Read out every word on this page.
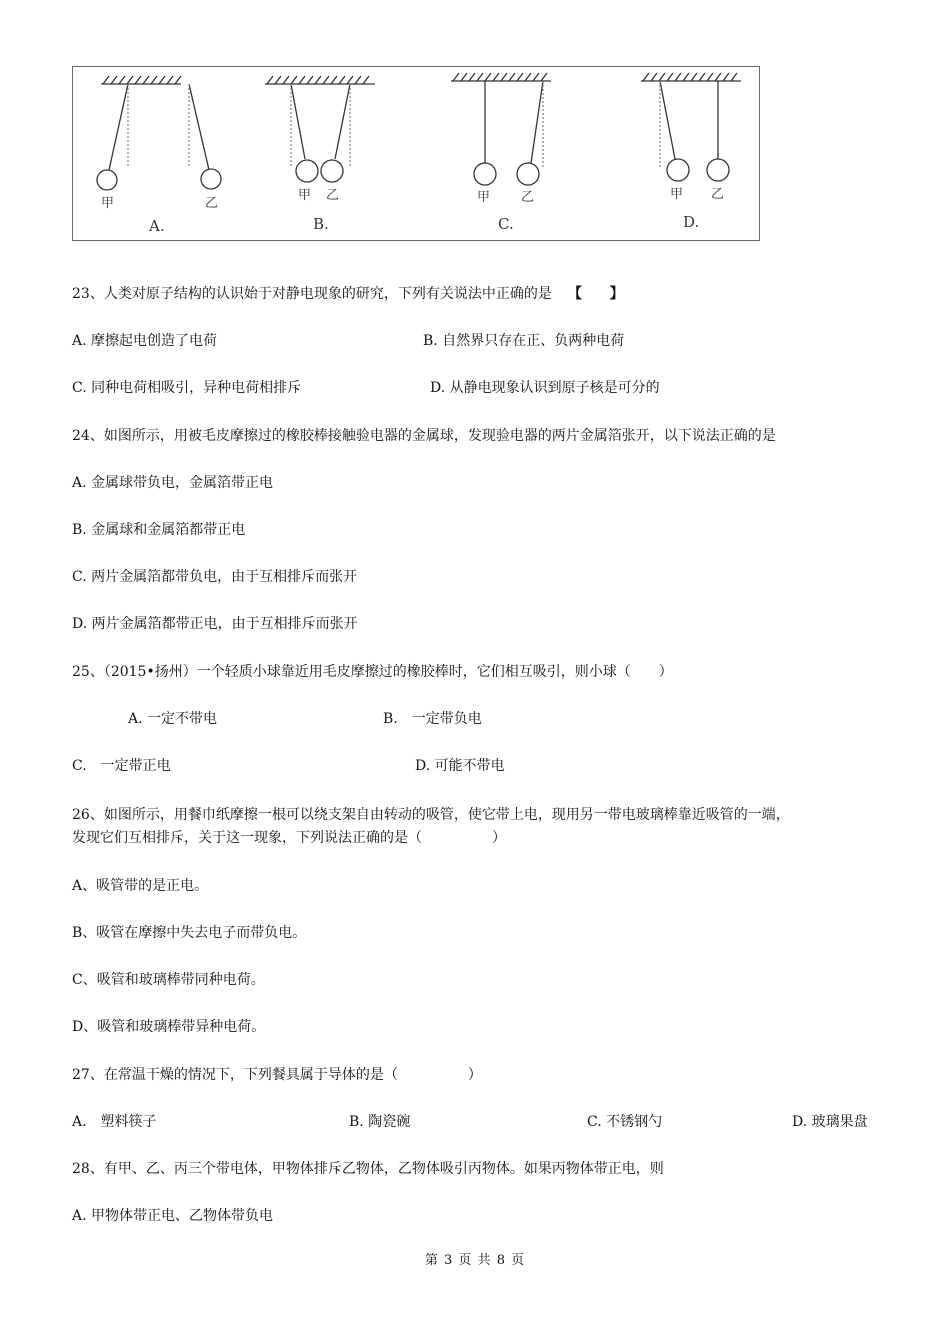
甲	乙
A.
甲 乙
B.
甲 乙
C.
甲 乙
D.
23、人类对原子结构的认识始于对静电现象的研究，下列有关说法中正确的是 【　　】
A. 摩擦起电创造了电荷	B. 自然界只存在正、负两种电荷
C. 同种电荷相吸引，异种电荷相排斥	D. 从静电现象认识到原子核是可分的
24、如图所示，用被毛皮摩擦过的橡胶棒接触验电器的金属球，发现验电器的两片金属箔张开，以下说法正确的是
A. 金属球带负电，金属箔带正电
B. 金属球和金属箔都带正电
C. 两片金属箔都带负电，由于互相排斥而张开
D. 两片金属箔都带正电，由于互相排斥而张开
25、（2015•扬州）一个轻质小球靠近用毛皮摩擦过的橡胶棒时，它们相互吸引，则小球（　　）
A. 一定不带电	B.　一定带负电
C.　一定带正电	D. 可能不带电
26、如图所示，用餐巾纸摩擦一根可以绕支架自由转动的吸管，使它带上电，现用另一带电玻璃棒靠近吸管的一端，
发现它们互相排斥，关于这一现象，下列说法正确的是（　　　　　）
A、吸管带的是正电。
B、吸管在摩擦中失去电子而带负电。
C、吸管和玻璃棒带同种电荷。
D、吸管和玻璃棒带异种电荷。
27、在常温干燥的情况下，下列餐具属于导体的是（　　　　　）
A.　塑料筷子	B. 陶瓷碗	C. 不锈钢勺	D. 玻璃果盘
28、有甲、乙、丙三个带电体，甲物体排斥乙物体，乙物体吸引丙物体。如果丙物体带正电，则
A. 甲物体带正电、乙物体带负电
第 3 页 共 8 页
